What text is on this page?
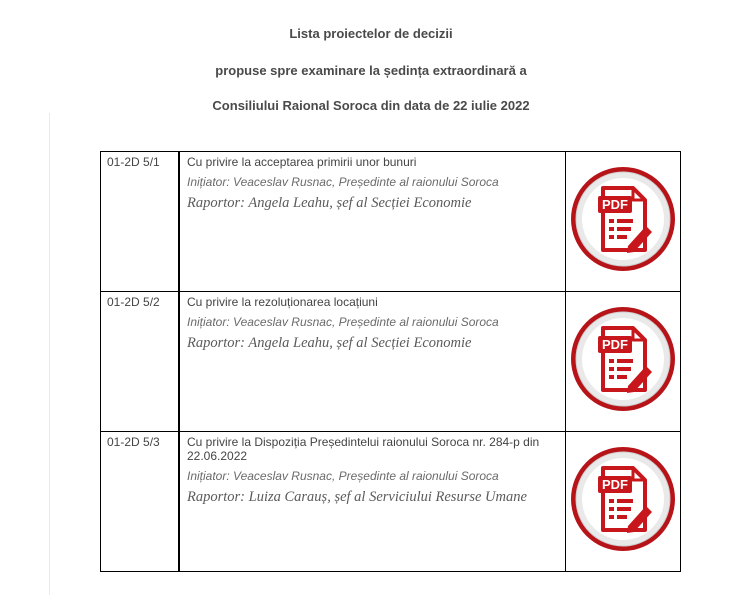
Lista proiectelor de decizii
propuse spre examinare la ședința extraordinară a
Consiliului Raional Soroca din data de 22 iulie 2022
01-2D 5/1	Cu privire la acceptarea primirii unor bunuri
Inițiator: Veaceslav Rusnac, Președinte al raionului Soroca
Raportor: Angela Leahu, șef al Secției Economie	PDF

01-2D 5/2	Cu privire la rezoluționarea locațiuni
Inițiator: Veaceslav Rusnac, Președinte al raionului Soroca
Raportor: Angela Leahu, șef al Secției Economie	PDF

01-2D 5/3	Cu privire la Dispoziția Președintelui raionului Soroca nr. 284-p din 22.06.2022
Inițiator: Veaceslav Rusnac, Președinte al raionului Soroca
Raportor: Luiza Carauș, șef al Serviciului Resurse Umane	PDF
